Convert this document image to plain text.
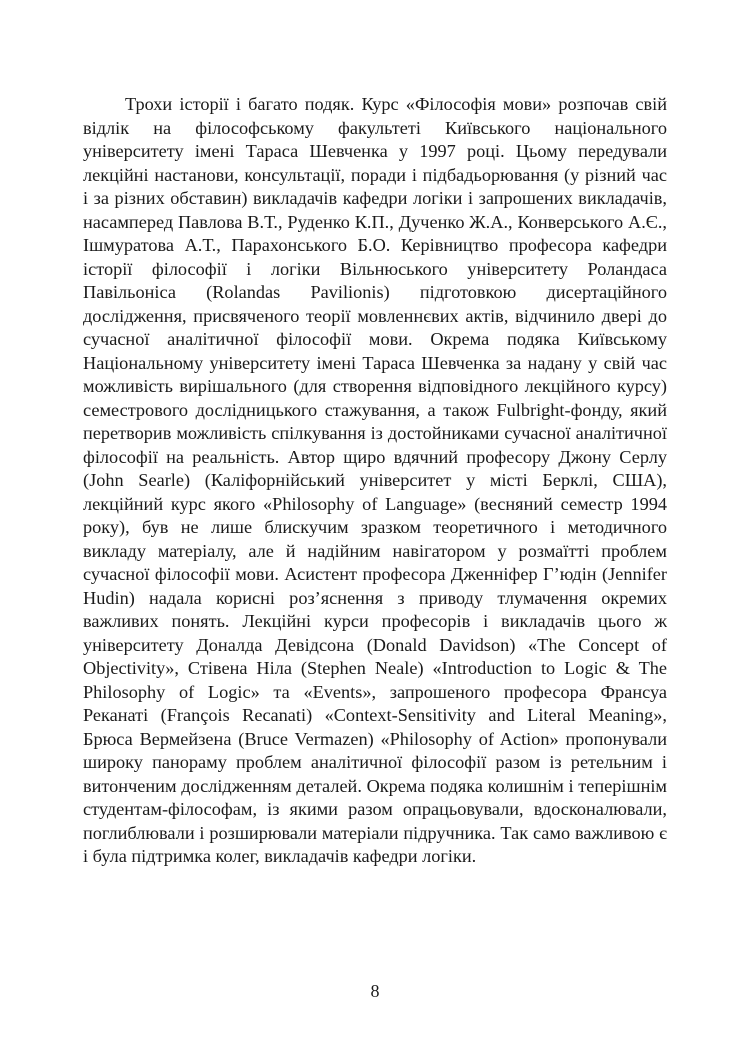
Трохи історії і багато подяк. Курс «Філософія мови» розпочав свій відлік на філософському факультеті Київського національного університету імені Тараса Шевченка у 1997 році. Цьому передували лекційні настанови, консультації, поради і підбадьорювання (у різний час і за різних обставин) викладачів кафедри логіки і запрошених викладачів, насамперед Павлова В.Т., Руденко К.П., Дученко Ж.А., Конверського А.Є., Ішмуратова А.Т., Парахонського Б.О. Керівництво професора кафедри історії філософії і логіки Вільнюського університету Роландаса Павільоніса (Rolandas Pavilionis) підготовкою дисертаційного дослідження, присвяченого теорії мовленнєвих актів, відчинило двері до сучасної аналітичної філософії мови. Окрема подяка Київському Національному університету імені Тараса Шевченка за надану у свій час можливість вирішального (для створення відповідного лекційного курсу) семестрового дослідницького стажування, а також Fulbright-фонду, який перетворив можливість спілкування із достойниками сучасної аналітичної філософії на реальність. Автор щиро вдячний професору Джону Серлу (John Searle) (Каліфорнійський університет у місті Берклі, США), лекційний курс якого «Philosophy of Language» (весняний семестр 1994 року), був не лише блискучим зразком теоретичного і методичного викладу матеріалу, але й надійним навігатором у розмаїтті проблем сучасної філософії мови. Асистент професора Дженніфер Г’юдін (Jennifer Hudin) надала корисні роз’яснення з приводу тлумачення окремих важливих понять. Лекційні курси професорів і викладачів цього ж університету Доналда Девідсона (Donald Davidson) «The Concept of Objectivity», Стівена Ніла (Stephen Neale) «Introduction to Logic & The Philosophy of Logic» та «Events», запрошеного професора Франсуа Реканаті (François Recanati) «Context-Sensitivity and Literal Meaning», Брюса Вермейзена (Bruce Vermazen) «Philosophy of Action» пропонували широку панораму проблем аналітичної філософії разом із ретельним і витонченим дослідженням деталей. Окрема подяка колишнім і теперішнім студентам-філософам, із якими разом опрацьовували, вдосконалювали, поглиблювали і розширювали матеріали підручника. Так само важливою є і була підтримка колег, викладачів кафедри логіки.

8
